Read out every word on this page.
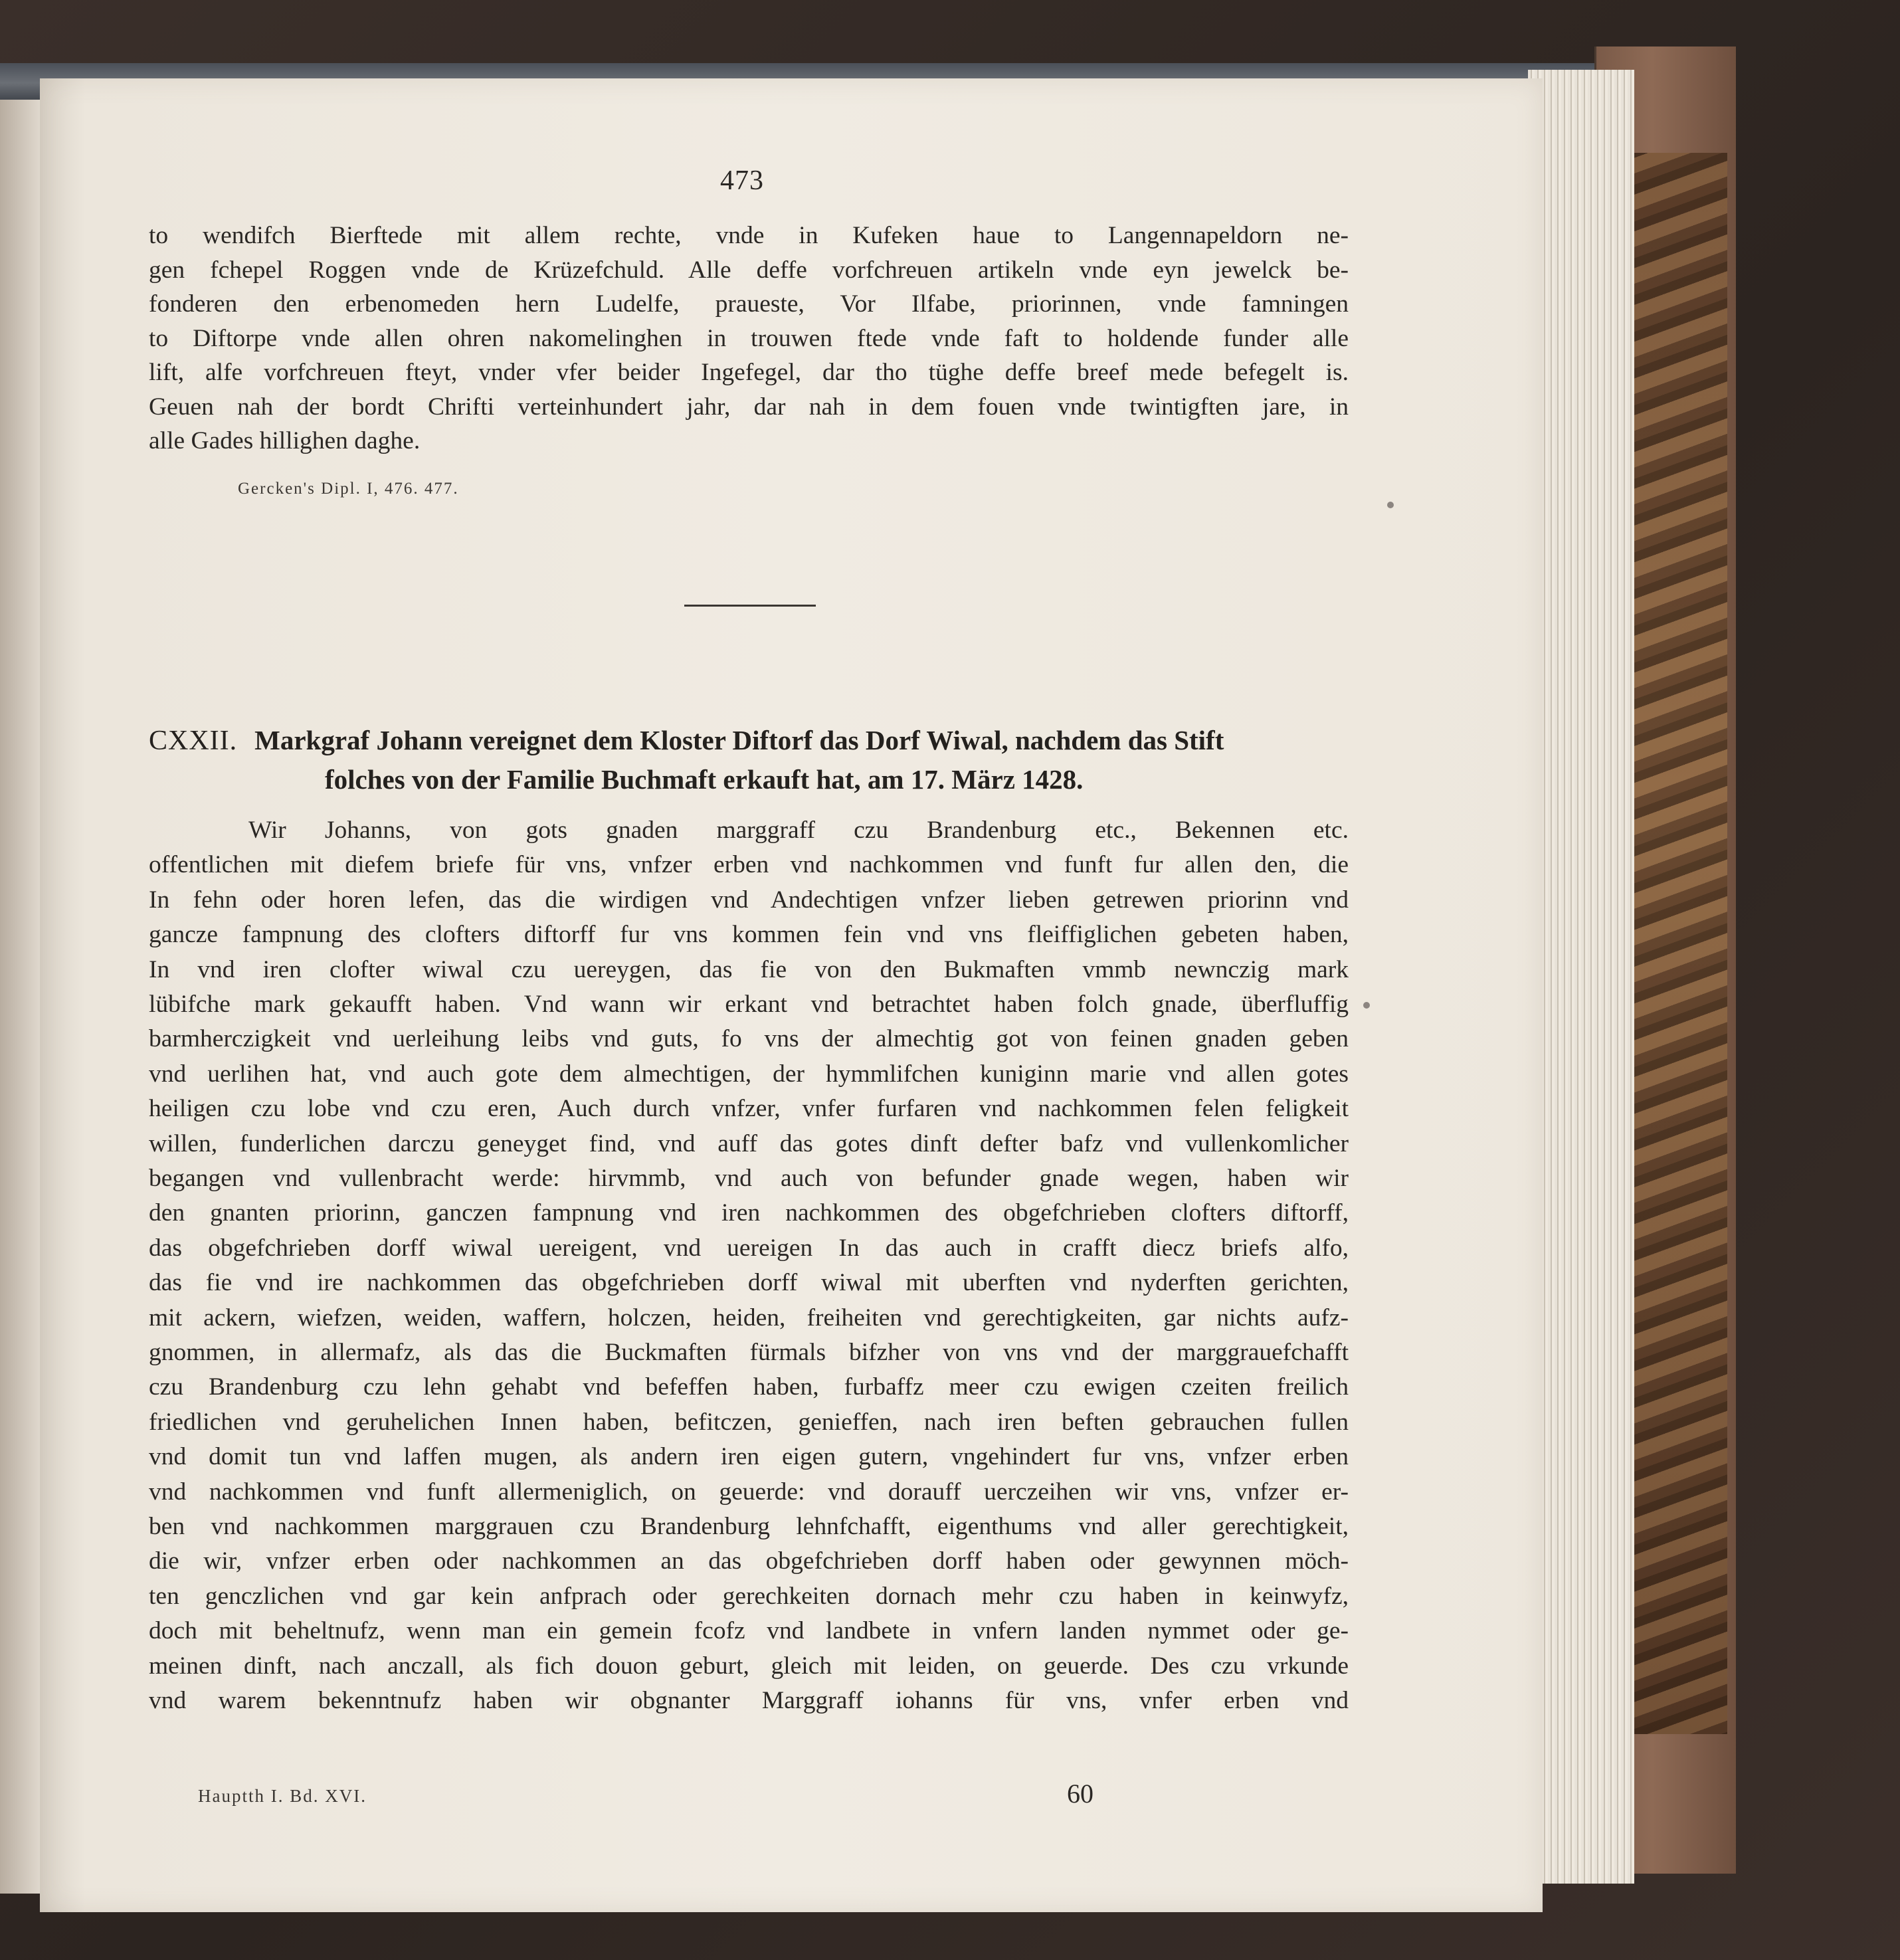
473
to wendifch Bierftede mit allem rechte, vnde in Kufeken haue to Langennapeldorn ne-
gen fchepel Roggen vnde de Krüzefchuld. Alle deffe vorfchreuen artikeln vnde eyn jewelck be-
fonderen den erbenomeden hern Ludelfe, praueste, Vor Ilfabe, priorinnen, vnde famningen
to Diftorpe vnde allen ohren nakomelinghen in trouwen ftede vnde faft to holdende funder alle
lift, alfe vorfchreuen fteyt, vnder vfer beider Ingefegel, dar tho tüghe deffe breef mede befegelt is.
Geuen nah der bordt Chrifti verteinhundert jahr, dar nah in dem fouen vnde twintigften jare, in
alle Gades hillighen daghe.
Gercken's Dipl. I, 476. 477.
CXXII. Markgraf Johann vereignet dem Kloster Diftorf das Dorf Wiwal, nachdem das Stift
folches von der Familie Buchmaft erkauft hat, am 17. März 1428.
Wir Johanns, von gots gnaden marggraff czu Brandenburg etc., Bekennen etc.
offentlichen mit diefem briefe für vns, vnfzer erben vnd nachkommen vnd funft fur allen den, die
In fehn oder horen lefen, das die wirdigen vnd Andechtigen vnfzer lieben getrewen priorinn vnd
gancze fampnung des clofters diftorff fur vns kommen fein vnd vns fleiffiglichen gebeten haben,
In vnd iren clofter wiwal czu uereygen, das fie von den Bukmaften vmmb newnczig mark
lübifche mark gekaufft haben. Vnd wann wir erkant vnd betrachtet haben folch gnade, überfluffig
barmherczigkeit vnd uerleihung leibs vnd guts, fo vns der almechtig got von feinen gnaden geben
vnd uerlihen hat, vnd auch gote dem almechtigen, der hymmlifchen kuniginn marie vnd allen gotes
heiligen czu lobe vnd czu eren, Auch durch vnfzer, vnfer furfaren vnd nachkommen felen feligkeit
willen, funderlichen darczu geneyget find, vnd auff das gotes dinft defter bafz vnd vullenkomlicher
begangen vnd vullenbracht werde: hirvmmb, vnd auch von befunder gnade wegen, haben wir
den gnanten priorinn, ganczen fampnung vnd iren nachkommen des obgefchrieben clofters diftorff,
das obgefchrieben dorff wiwal uereigent, vnd uereigen In das auch in crafft diecz briefs alfo,
das fie vnd ire nachkommen das obgefchrieben dorff wiwal mit uberften vnd nyderften gerichten,
mit ackern, wiefzen, weiden, waffern, holczen, heiden, freiheiten vnd gerechtigkeiten, gar nichts aufz-
gnommen, in allermafz, als das die Buckmaften fürmals bifzher von vns vnd der marggrauefchafft
czu Brandenburg czu lehn gehabt vnd befeffen haben, furbaffz meer czu ewigen czeiten freilich
friedlichen vnd geruhelichen Innen haben, befitczen, genieffen, nach iren beften gebrauchen fullen
vnd domit tun vnd laffen mugen, als andern iren eigen gutern, vngehindert fur vns, vnfzer erben
vnd nachkommen vnd funft allermeniglich, on geuerde: vnd dorauff uerczeihen wir vns, vnfzer er-
ben vnd nachkommen marggrauen czu Brandenburg lehnfchafft, eigenthums vnd aller gerechtigkeit,
die wir, vnfzer erben oder nachkommen an das obgefchrieben dorff haben oder gewynnen möch-
ten genczlichen vnd gar kein anfprach oder gerechkeiten dornach mehr czu haben in keinwyfz,
doch mit beheltnufz, wenn man ein gemein fcofz vnd landbete in vnfern landen nymmet oder ge-
meinen dinft, nach anczall, als fich douon geburt, gleich mit leiden, on geuerde. Des czu vrkunde
vnd warem bekenntnufz haben wir obgnanter Marggraff iohanns für vns, vnfer erben vnd
Hauptth I. Bd. XVI.	60
